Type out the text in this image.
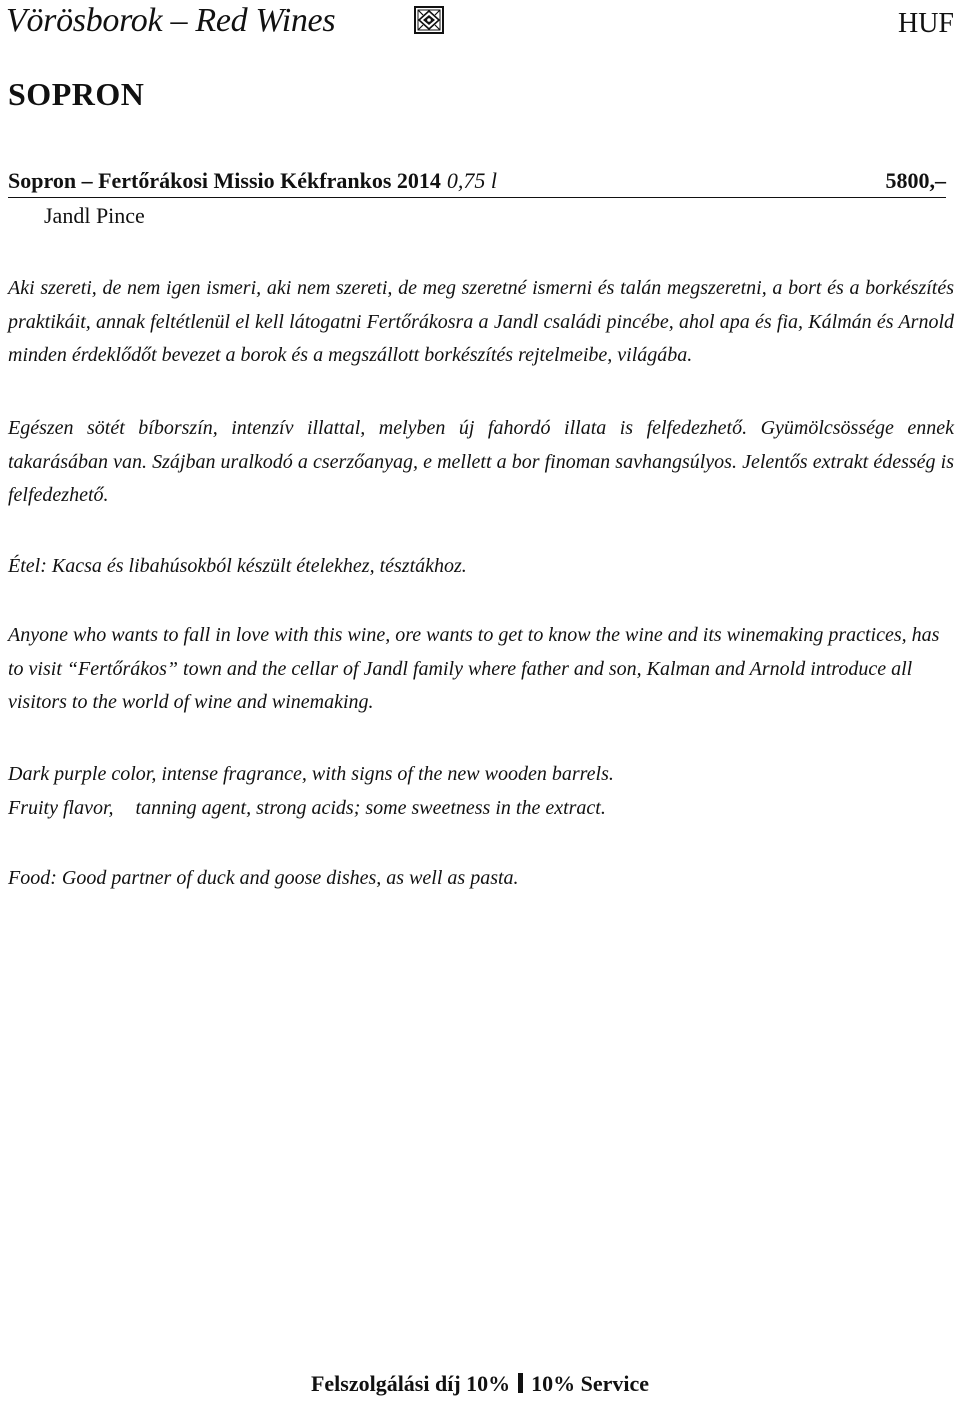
Vörösborok – Red Wines	HUF
SOPRON
Sopron – Fertőrákosi Missio Kékfrankos 2014 0,75 l	5800,–
Jandl Pince

Aki szereti, de nem igen ismeri, aki nem szereti, de meg szeretné ismerni és talán megszeretni, a bort és a borkészítés praktikáit, annak feltétlenül el kell látogatni Fertőrákosra a Jandl családi pincébe, ahol apa és fia, Kálmán és Arnold minden érdeklődőt bevezet a borok és a megszállott borkészítés rejtelmeibe, világába.

Egészen sötét bíborszín, intenzív illattal, melyben új fahordó illata is felfedezhető. Gyümölcsössége ennek takarásában van. Szájban uralkodó a cserzőanyag, e mellett a bor finoman savhangsúlyos. Jelentős extrakt édesség is felfedezhető.

Étel: Kacsa és libahúsokból készült ételekhez, tésztákhoz.

Anyone who wants to fall in love with this wine, ore wants to get to know the wine and its winemaking practices, has to visit “Fertőrákos” town and the cellar of Jandl family where father and son, Kalman and Arnold introduce all visitors to the world of wine and winemaking.

Dark purple color, intense fragrance, with signs of the new wooden barrels.
Fruity flavor, tanning agent, strong acids; some sweetness in the extract.

Food: Good partner of duck and goose dishes, as well as pasta.

Felszolgálási díj 10% 10% Service
